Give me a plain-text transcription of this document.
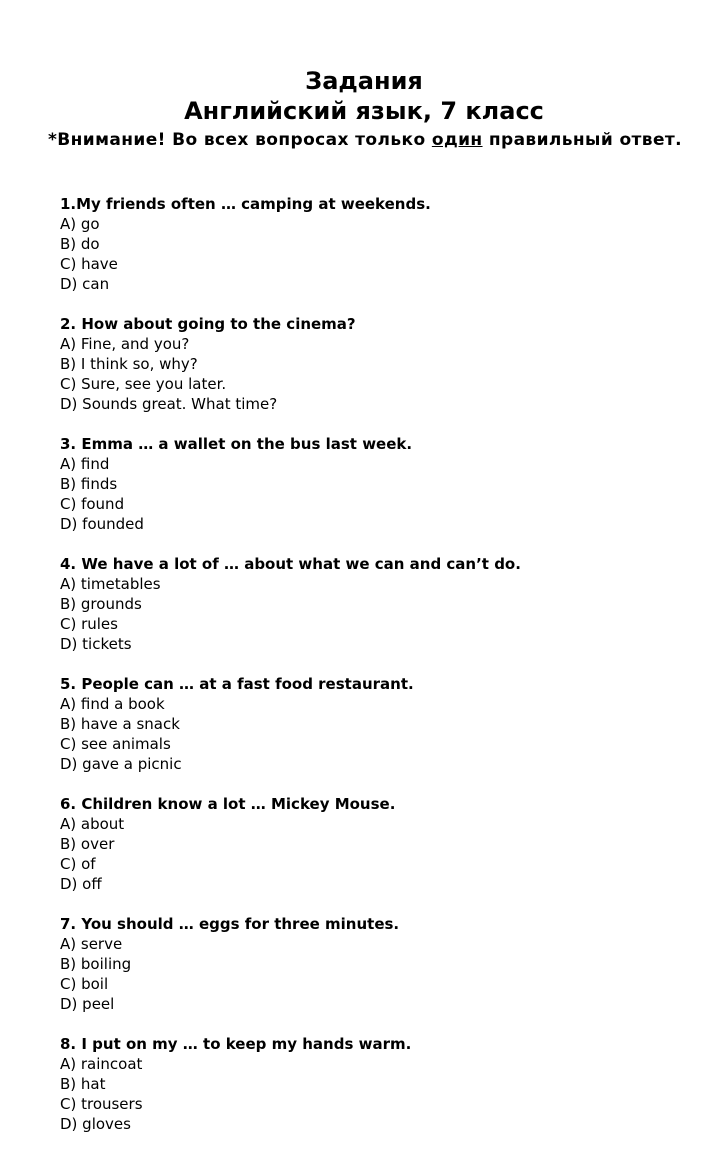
Задания
Английский язык, 7 класс
*Внимание! Во всех вопросах только один правильный ответ.
1.My friends often … camping at weekends.
A) go
B) do
C) have
D) can
2. How about going to the cinema?
A) Fine, and you?
B) I think so, why?
C) Sure, see you later.
D) Sounds great. What time?
3. Emma … a wallet on the bus last week.
A) find
B) finds
C) found
D) founded
4. We have a lot of … about what we can and can’t do.
A) timetables
B) grounds
C) rules
D) tickets
5. People can … at a fast food restaurant.
A) find a book
B) have a snack
C) see animals
D) gave a picnic
6. Children know a lot … Mickey Mouse.
A) about
B) over
C) of
D) off
7. You should … eggs for three minutes.
A) serve
B) boiling
C) boil
D) peel
8. I put on my … to keep my hands warm.
A) raincoat
B) hat
C) trousers
D) gloves
